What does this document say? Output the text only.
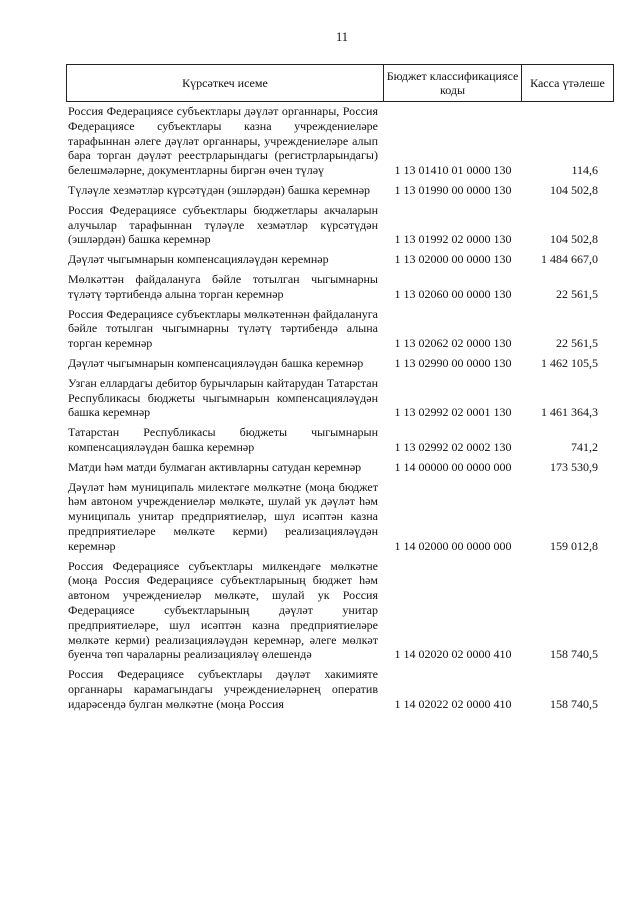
11
Күрсәткеч исеме	Бюджет классификациясе коды	Касса үтәлеше
Россия Федерациясе субъектлары дәүләт органнары, Россия Федерациясе субъектлары казна учреждениеләре тарафыннан әлеге дәүләт органнары, учреждениеләре алып бара торган дәүләт реестрларындагы (регистрларындагы) белешмәләрне, документларны биргән өчен түләү	1 13 01410 01 0000 130	114,6
Түләүле хезмәтләр күрсәтүдән (эшләрдән) башка керемнәр	1 13 01990 00 0000 130	104 502,8
Россия Федерациясе субъектлары бюджетлары акчаларын алучылар тарафыннан түләүле хезмәтләр күрсәтүдән (эшләрдән) башка керемнәр	1 13 01992 02 0000 130	104 502,8
Дәүләт чыгымнарын компенсацияләүдән керемнәр	1 13 02000 00 0000 130	1 484 667,0
Мөлкәттән файдалануга бәйле тотылган чыгымнарны түләтү тәртибендә алына торган керемнәр	1 13 02060 00 0000 130	22 561,5
Россия Федерациясе субъектлары мөлкәтеннән файдалануга бәйле тотылган чыгымнарны түләтү тәртибендә алына торган керемнәр	1 13 02062 02 0000 130	22 561,5
Дәүләт чыгымнарын компенсацияләүдән башка керемнәр	1 13 02990 00 0000 130	1 462 105,5
Узган еллардагы дебитор бурычларын кайтарудан Татарстан Республикасы бюджеты чыгымнарын компенсацияләүдән башка керемнәр	1 13 02992 02 0001 130	1 461 364,3
Татарстан Республикасы бюджеты чыгымнарын компенсацияләүдән башка керемнәр	1 13 02992 02 0002 130	741,2
Матди һәм матди булмаган активларны сатудан керемнәр	1 14 00000 00 0000 000	173 530,9
Дәүләт һәм муниципаль милектәге мөлкәтне (моңа бюджет һәм автоном учреждениеләр мөлкәте, шулай ук дәүләт һәм муниципаль унитар предприятиеләр, шул исәптән казна предприятиеләре мөлкәте керми) реализацияләүдән керемнәр	1 14 02000 00 0000 000	159 012,8
Россия Федерациясе субъектлары милкендәге мөлкәтне (моңа Россия Федерациясе субъектларының бюджет һәм автоном учреждениеләр мөлкәте, шулай ук Россия Федерациясе субъектларының дәүләт унитар предприятиеләре, шул исәптән казна предприятиеләре мөлкәте керми) реализацияләүдән керемнәр, әлеге мөлкәт буенча төп чараларны реализацияләү өлешендә	1 14 02020 02 0000 410	158 740,5
Россия Федерациясе субъектлары дәүләт хакимияте органнары карамагындагы учреждениеләрнең оператив идарәсендә булган мөлкәтне (моңа Россия	1 14 02022 02 0000 410	158 740,5
